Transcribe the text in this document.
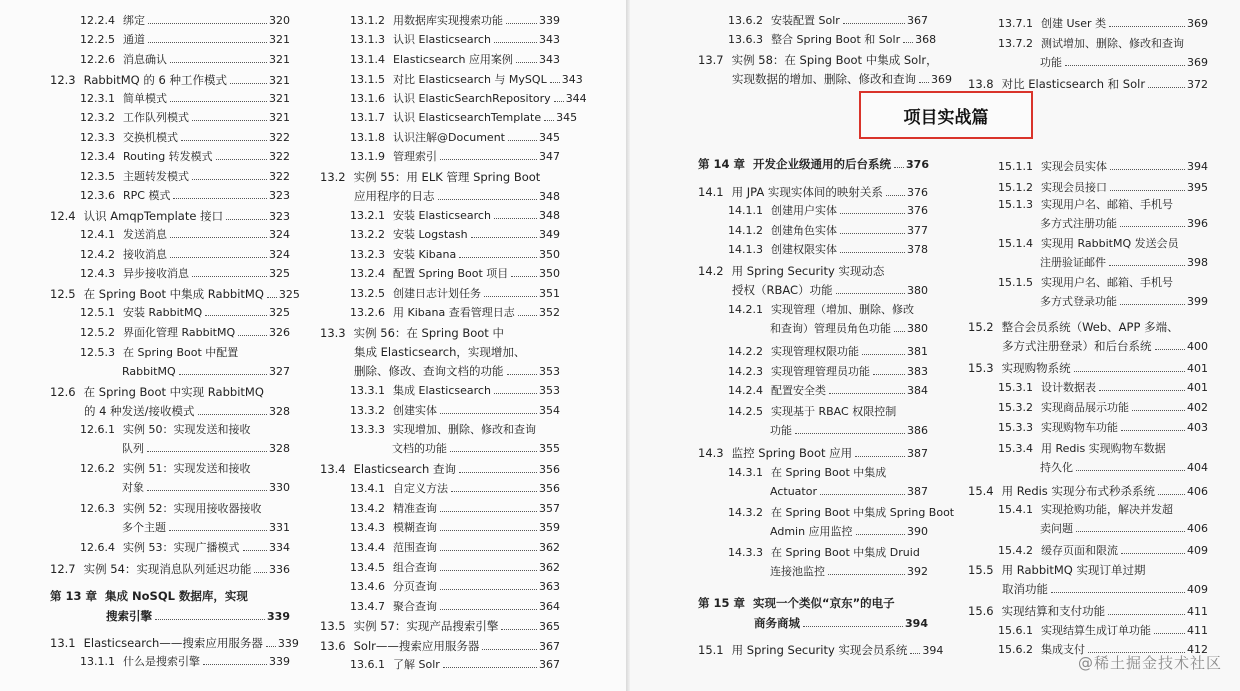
12.2.4 绑定	320
12.2.5 通道	321
12.2.6 消息确认	321
12.3 RabbitMQ 的 6 种工作模式	321
12.3.1 简单模式	321
12.3.2 工作队列模式	321
12.3.3 交换机模式	322
12.3.4 Routing 转发模式	322
12.3.5 主题转发模式	322
12.3.6 RPC 模式	323
12.4 认识 AmqpTemplate 接口	323
12.4.1 发送消息	324
12.4.2 接收消息	324
12.4.3 异步接收消息	325
12.5 在 Spring Boot 中集成 RabbitMQ 325
12.5.1 安装 RabbitMQ	325
12.5.2 界面化管理 RabbitMQ	326
12.5.3 在 Spring Boot 中配置
RabbitMQ	327
12.6 在 Spring Boot 中实现 RabbitMQ
的 4 种发送/接收模式	328
12.6.1 实例 50：实现发送和接收
队列	328
12.6.2 实例 51：实现发送和接收
对象	330
12.6.3 实例 52：实现用接收器接收
多个主题	331
12.6.4 实例 53：实现广播模式	334
12.7 实例 54：实现消息队列延迟功能 336
第 13 章 集成 NoSQL 数据库，实现
搜索引擎	339
13.1 Elasticsearch——搜索应用服务器 339
13.1.1 什么是搜索引擎	339
13.1.2 用数据库实现搜索功能	339
13.1.3 认识 Elasticsearch	343
13.1.4 Elasticsearch 应用案例 343
13.1.5 对比 Elasticsearch 与 MySQL 343
13.1.6 认识 ElasticSearchRepository 344
13.1.7 认识 ElasticsearchTemplate 345
13.1.8 认识注解@Document	345
13.1.9 管理索引	347
13.2 实例 55：用 ELK 管理 Spring Boot
应用程序的日志	348
13.2.1 安装 Elasticsearch	348
13.2.2 安装 Logstash	349
13.2.3 安装 Kibana	350
13.2.4 配置 Spring Boot 项目	350
13.2.5 创建日志计划任务	351
13.2.6 用 Kibana 查看管理日志 352
13.3 实例 56：在 Spring Boot 中
集成 Elasticsearch，实现增加、
删除、修改、查询文档的功能	353
13.3.1 集成 Elasticsearch	353
13.3.2 创建实体	354
13.3.3 实现增加、删除、修改和查询
文档的功能	355
13.4 Elasticsearch 查询	356
13.4.1 自定义方法	356
13.4.2 精准查询	357
13.4.3 模糊查询	359
13.4.4 范围查询	362
13.4.5 组合查询	362
13.4.6 分页查询	363
13.4.7 聚合查询	364
13.5 实例 57：实现产品搜索引擎	365
13.6 Solr——搜索应用服务器	367
13.6.1 了解 Solr	367
13.6.2 安装配置 Solr	367
13.6.3 整合 Spring Boot 和 Solr 368
13.7 实例 58：在 Sping Boot 中集成 Solr，
实现数据的增加、删除、修改和查询 369
第 14 章 开发企业级通用的后台系统 376
14.1 用 JPA 实现实体间的映射关系 376
14.1.1 创建用户实体	376
14.1.2 创建角色实体	377
14.1.3 创建权限实体	378
14.2 用 Spring Security 实现动态
授权（RBAC）功能	380
14.2.1 实现管理（增加、删除、修改
和查询）管理员角色功能 380
14.2.2 实现管理权限功能	381
14.2.3 实现管理管理员功能	383
14.2.4 配置安全类	384
14.2.5 实现基于 RBAC 权限控制
功能	386
14.3 监控 Spring Boot 应用	387
14.3.1 在 Spring Boot 中集成
Actuator	387
14.3.2 在 Spring Boot 中集成 Spring Boot
Admin 应用监控	390
14.3.3 在 Spring Boot 中集成 Druid
连接池监控	392
第 15 章 实现一个类似“京东”的电子
商务商城	394
15.1 用 Spring Security 实现会员系统 394
13.7.1 创建 User 类	369
13.7.2 测试增加、删除、修改和查询
功能	369
13.8 对比 Elasticsearch 和 Solr	372
15.1.1 实现会员实体	394
15.1.2 实现会员接口	395
15.1.3 实现用户名、邮箱、手机号
多方式注册功能	396
15.1.4 实现用 RabbitMQ 发送会员
注册验证邮件	398
15.1.5 实现用户名、邮箱、手机号
多方式登录功能	399
15.2 整合会员系统（Web、APP 多端、
多方式注册登录）和后台系统	400
15.3 实现购物系统	401
15.3.1 设计数据表	401
15.3.2 实现商品展示功能	402
15.3.3 实现购物车功能	403
15.3.4 用 Redis 实现购物车数据
持久化	404
15.4 用 Redis 实现分布式秒杀系统	406
15.4.1 实现抢购功能，解决并发超
卖问题	406
15.4.2 缓存页面和限流	409
15.5 用 RabbitMQ 实现订单过期
取消功能	409
15.6 实现结算和支付功能	411
15.6.1 实现结算生成订单功能	411
15.6.2 集成支付	412
项目实战篇
@稀土掘金技术社区
